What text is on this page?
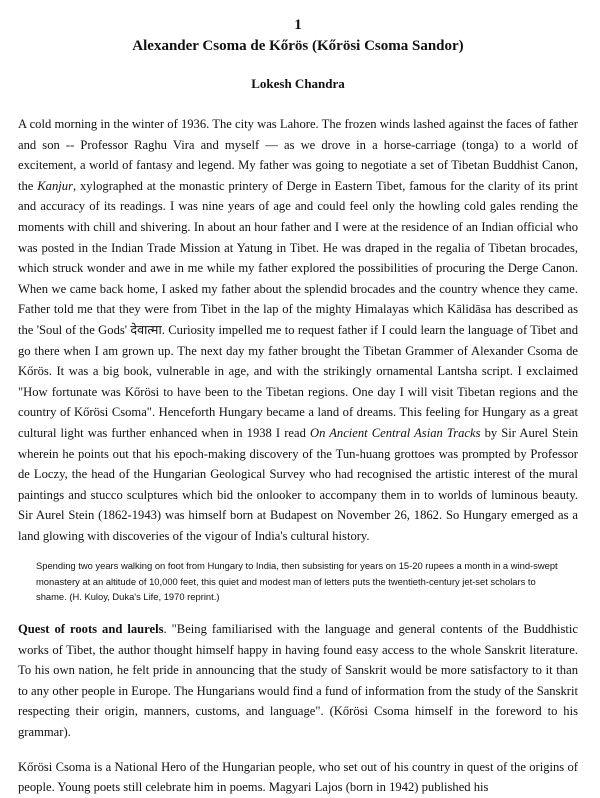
1

Alexander Csoma de Kőrös (Kőrösi Csoma Sandor)

Lokesh Chandra

A cold morning in the winter of 1936. The city was Lahore. The frozen winds lashed against the faces of father and son -- Professor Raghu Vira and myself — as we drove in a horse-carriage (tonga) to a world of excitement, a world of fantasy and legend. My father was going to negotiate a set of Tibetan Buddhist Canon, the Kanjur, xylographed at the monastic printery of Derge in Eastern Tibet, famous for the clarity of its print and accuracy of its readings. I was nine years of age and could feel only the howling cold gales rending the moments with chill and shivering. In about an hour father and I were at the residence of an Indian official who was posted in the Indian Trade Mission at Yatung in Tibet. He was draped in the regalia of Tibetan brocades, which struck wonder and awe in me while my father explored the possibilities of procuring the Derge Canon. When we came back home, I asked my father about the splendid brocades and the country whence they came. Father told me that they were from Tibet in the lap of the mighty Himalayas which Kālidāsa has described as the 'Soul of the Gods' देवात्मा. Curiosity impelled me to request father if I could learn the language of Tibet and go there when I am grown up. The next day my father brought the Tibetan Grammer of Alexander Csoma de Kőrös. It was a big book, vulnerable in age, and with the strikingly ornamental Lantsha script. I exclaimed "How fortunate was Kőrösi to have been to the Tibetan regions. One day I will visit Tibetan regions and the country of Kőrösi Csoma". Henceforth Hungary became a land of dreams. This feeling for Hungary as a great cultural light was further enhanced when in 1938 I read On Ancient Central Asian Tracks by Sir Aurel Stein wherein he points out that his epoch-making discovery of the Tun-huang grottoes was prompted by Professor de Loczy, the head of the Hungarian Geological Survey who had recognised the artistic interest of the mural paintings and stucco sculptures which bid the onlooker to accompany them in to worlds of luminous beauty. Sir Aurel Stein (1862-1943) was himself born at Budapest on November 26, 1862. So Hungary emerged as a land glowing with discoveries of the vigour of India's cultural history.

Spending two years walking on foot from Hungary to India, then subsisting for years on 15-20 rupees a month in a wind-swept monastery at an altitude of 10,000 feet, this quiet and modest man of letters puts the twentieth-century jet-set scholars to shame. (H. Kuloy, Duka's Life, 1970 reprint.)

Quest of roots and laurels. "Being familiarised with the language and general contents of the Buddhistic works of Tibet, the author thought himself happy in having found easy access to the whole Sanskrit literature. To his own nation, he felt pride in announcing that the study of Sanskrit would be more satisfactory to it than to any other people in Europe. The Hungarians would find a fund of information from the study of the Sanskrit respecting their origin, manners, customs, and language". (Kőrösi Csoma himself in the foreword to his grammar).

Kőrösi Csoma is a National Hero of the Hungarian people, who set out of his country in quest of the origins of people. Young poets still celebrate him in poems. Magyari Lajos (born in 1942) published his
